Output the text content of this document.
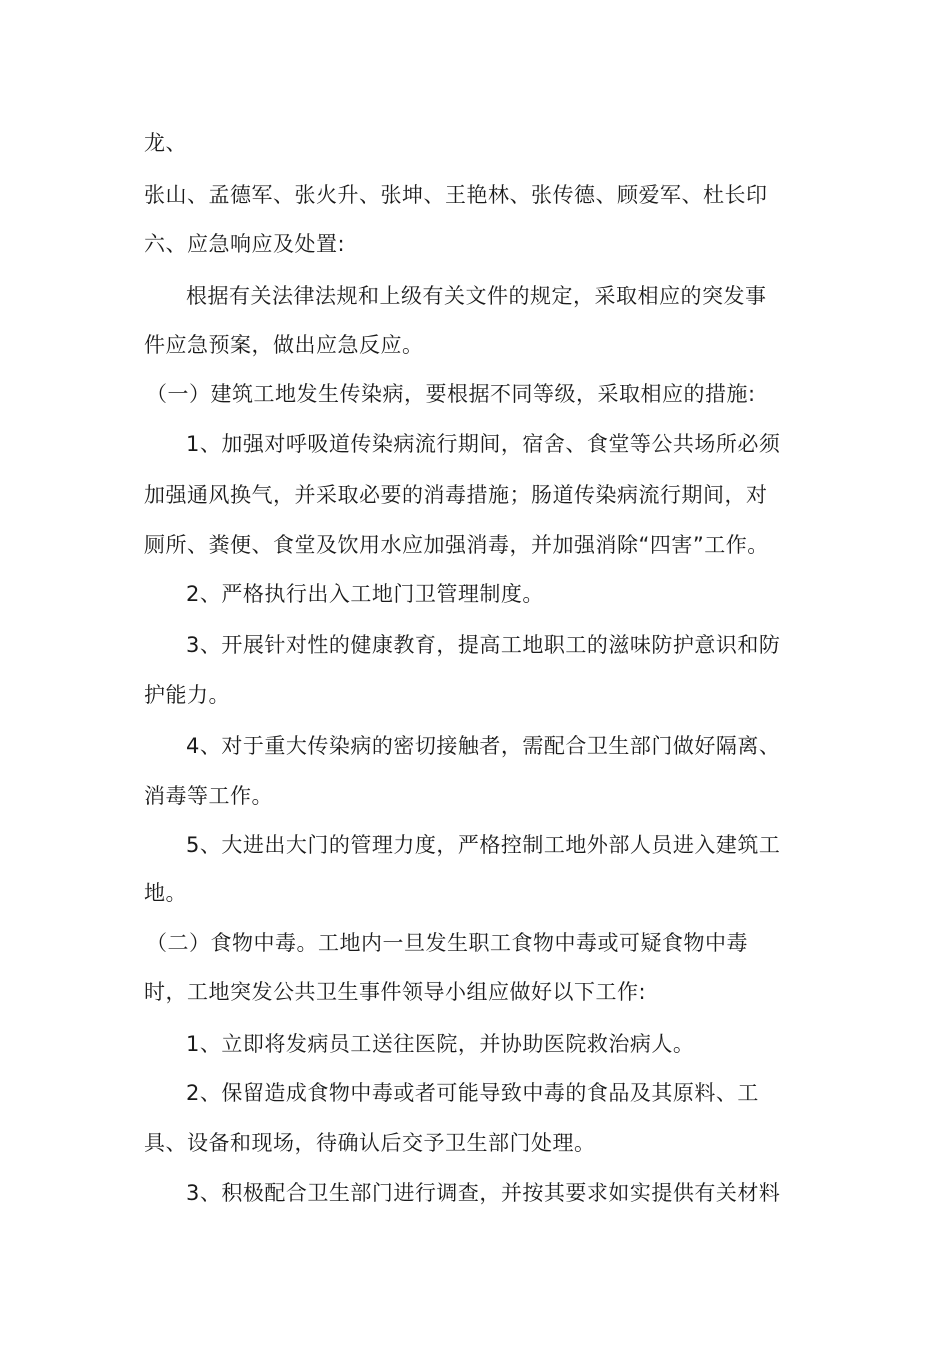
龙、
张山、孟德军、张火升、张坤、王艳林、张传德、顾爱军、杜长印
六、应急响应及处置:
根据有关法律法规和上级有关文件的规定，采取相应的突发事
件应急预案，做出应急反应。
（一）建筑工地发生传染病，要根据不同等级，采取相应的措施:
1、加强对呼吸道传染病流行期间，宿舍、食堂等公共场所必须
加强通风换气，并采取必要的消毒措施；肠道传染病流行期间，对
厕所、粪便、食堂及饮用水应加强消毒，并加强消除“四害”工作。
2、严格执行出入工地门卫管理制度。
3、开展针对性的健康教育，提高工地职工的滋味防护意识和防
护能力。
4、对于重大传染病的密切接触者，需配合卫生部门做好隔离、
消毒等工作。
5、大进出大门的管理力度，严格控制工地外部人员进入建筑工
地。
（二）食物中毒。工地内一旦发生职工食物中毒或可疑食物中毒
时，工地突发公共卫生事件领导小组应做好以下工作:
1、立即将发病员工送往医院，并协助医院救治病人。
2、保留造成食物中毒或者可能导致中毒的食品及其原料、工
具、设备和现场，待确认后交予卫生部门处理。
3、积极配合卫生部门进行调查，并按其要求如实提供有关材料
